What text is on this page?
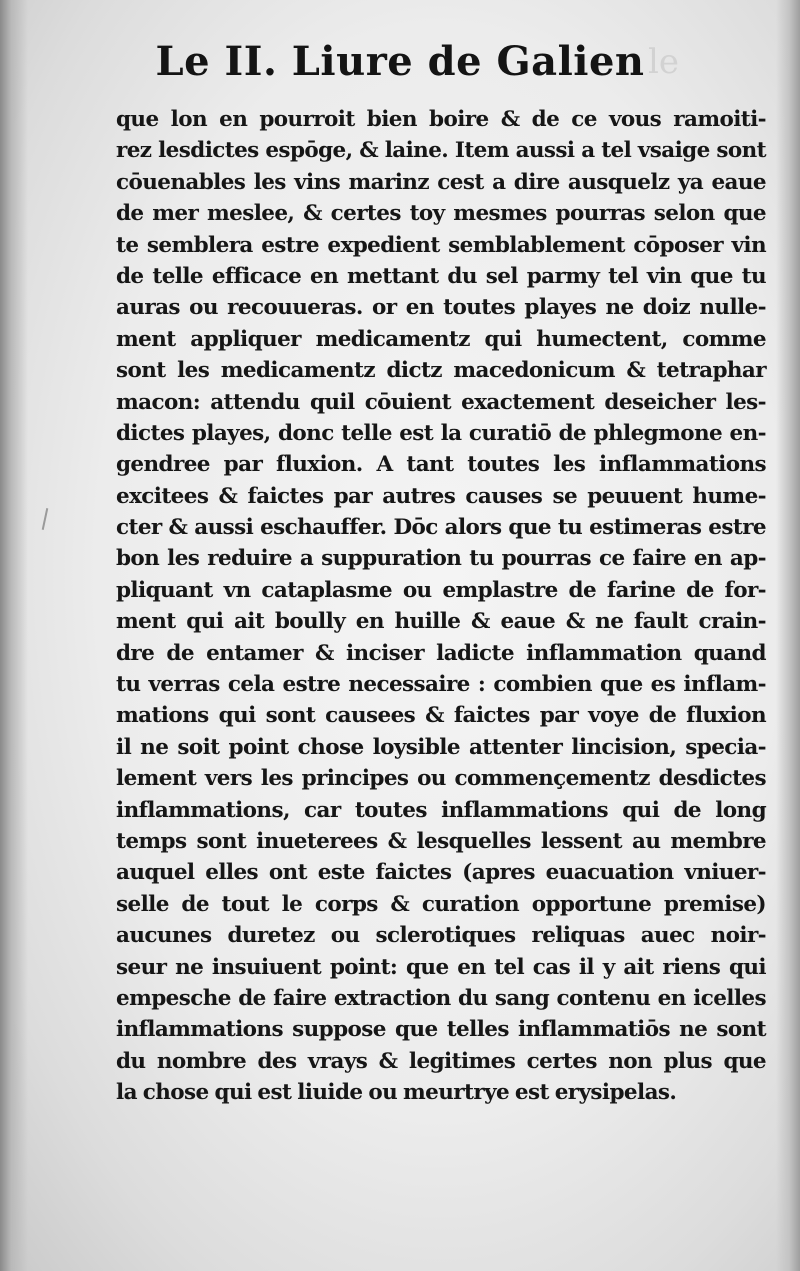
Le II. Liure de Galien le
que lon en pourroit bien boire & de ce vous ramoiti-
rez lesdictes espōge, & laine. Item aussi a tel vsaige sont
cōuenables les vins marinz cest a dire ausquelz ya eaue
de mer meslee, & certes toy mesmes pourras selon que
te semblera estre expedient semblablement cōposer vin
de telle efficace en mettant du sel parmy tel vin que tu
auras ou recouueras. or en toutes playes ne doiz nulle-
ment appliquer medicamentz qui humectent, comme
sont les medicamentz dictz macedonicum & tetraphar
macon: attendu quil cōuient exactement deseicher les-
dictes playes, donc telle est la curatiō de phlegmone en-
gendree par fluxion. A tant toutes les inflammations
excitees & faictes par autres causes se peuuent hume-
cter & aussi eschauffer. Dōc alors que tu estimeras estre
bon les reduire a suppuration tu pourras ce faire en ap-
pliquant vn cataplasme ou emplastre de farine de for-
ment qui ait boully en huille & eaue & ne fault crain-
dre de entamer & inciser ladicte inflammation quand
tu verras cela estre necessaire : combien que es inflam-
mations qui sont causees & faictes par voye de fluxion
il ne soit point chose loysible attenter lincision, specia-
lement vers les principes ou commençementz desdictes
inflammations, car toutes inflammations qui de long
temps sont inueterees & lesquelles lessent au membre
auquel elles ont este faictes (apres euacuation vniuer-
selle de tout le corps & curation opportune premise)
aucunes duretez ou sclerotiques reliquas auec noir-
seur ne insuiuent point: que en tel cas il y ait riens qui
empesche de faire extraction du sang contenu en icelles
inflammations suppose que telles inflammatiōs ne sont
du nombre des vrays & legitimes certes non plus que
la chose qui est liuide ou meurtrye est erysipelas.
